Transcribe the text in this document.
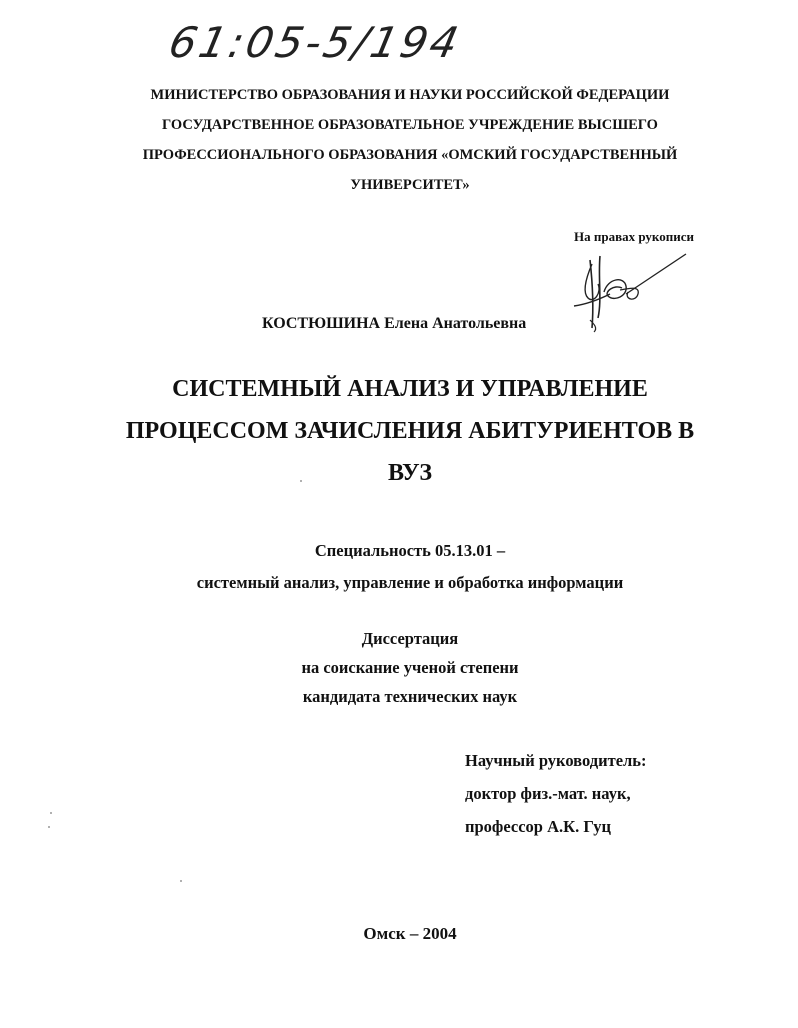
61:05-5/194
МИНИСТЕРСТВО ОБРАЗОВАНИЯ И НАУКИ РОССИЙСКОЙ ФЕДЕРАЦИИ
ГОСУДАРСТВЕННОЕ ОБРАЗОВАТЕЛЬНОЕ УЧРЕЖДЕНИЕ ВЫСШЕГО
ПРОФЕССИОНАЛЬНОГО ОБРАЗОВАНИЯ «ОМСКИЙ ГОСУДАРСТВЕННЫЙ
УНИВЕРСИТЕТ»
На правах рукописи
КОСТЮШИНА Елена Анатольевна
СИСТЕМНЫЙ АНАЛИЗ И УПРАВЛЕНИЕ
ПРОЦЕССОМ ЗАЧИСЛЕНИЯ АБИТУРИЕНТОВ В
ВУЗ
Специальность 05.13.01 –
системный анализ, управление и обработка информации
Диссертация
на соискание ученой степени
кандидата технических наук
Научный руководитель:
доктор физ.-мат. наук,
профессор А.К. Гуц
Омск – 2004
